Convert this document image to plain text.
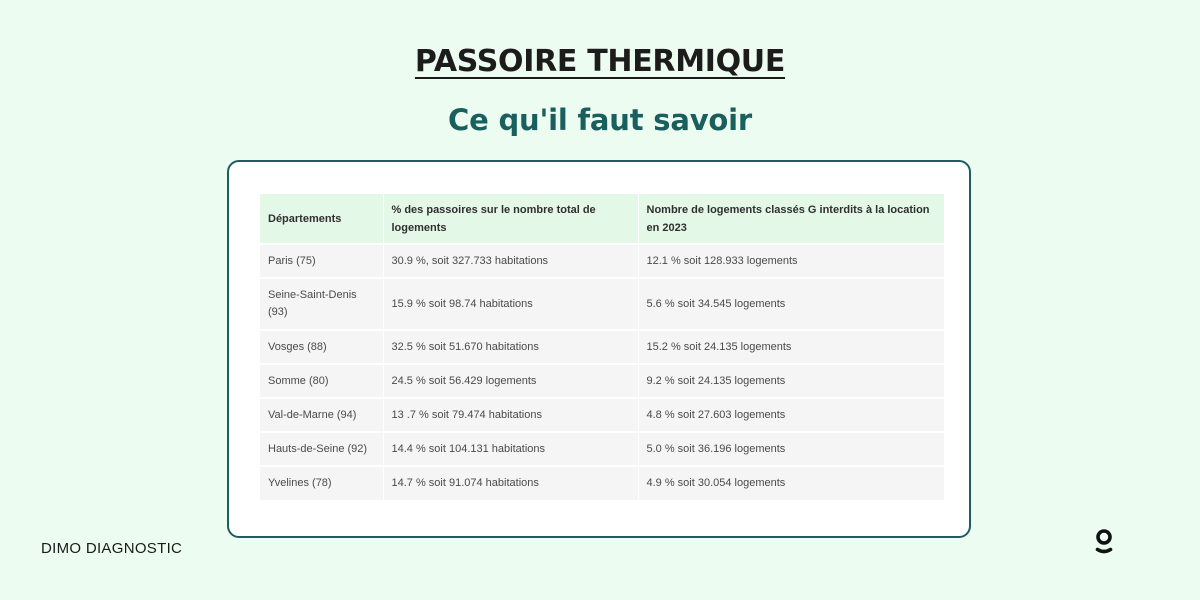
PASSOIRE THERMIQUE
Ce qu'il faut savoir
Départements	% des passoires sur le nombre total de logements	Nombre de logements classés G interdits à la location en 2023
Paris (75)	30.9 %, soit 327.733 habitations	12.1 % soit 128.933 logements
Seine-Saint-Denis (93)	15.9 % soit 98.74 habitations	5.6 % soit 34.545 logements
Vosges (88)	32.5 % soit 51.670 habitations	15.2 % soit 24.135 logements
Somme (80)	24.5 % soit 56.429 logements	9.2 % soit 24.135 logements
Val-de-Marne (94)	13 .7 % soit 79.474 habitations	4.8 % soit 27.603 logements
Hauts-de-Seine (92)	14.4 % soit 104.131 habitations	5.0 % soit 36.196 logements
Yvelines (78)	14.7 % soit 91.074 habitations	4.9 % soit 30.054 logements
DIMO DIAGNOSTIC
